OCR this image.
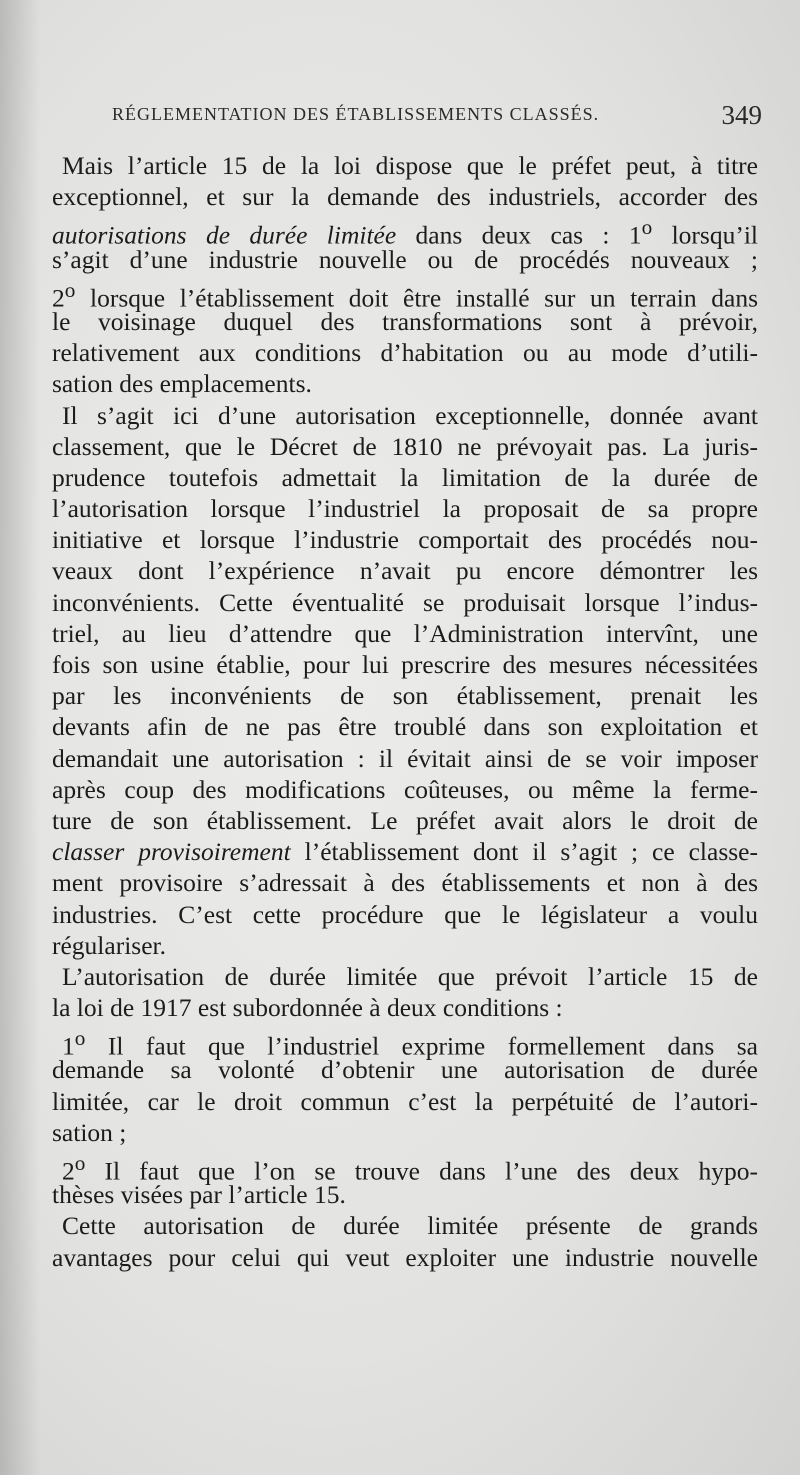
RÉGLEMENTATION DES ÉTABLISSEMENTS CLASSÉS.	349
Mais l’article 15 de la loi dispose que le préfet peut, à titre
exceptionnel, et sur la demande des industriels, accorder des
autorisations de durée limitée dans deux cas : 1$^o$ lorsqu’il
s’agit d’une industrie nouvelle ou de procédés nouveaux ;
2$^o$ lorsque l’établissement doit être installé sur un terrain dans
le voisinage duquel des transformations sont à prévoir,
relativement aux conditions d’habitation ou au mode d’utili-
sation des emplacements.
Il s’agit ici d’une autorisation exceptionnelle, donnée avant
classement, que le Décret de 1810 ne prévoyait pas. La juris-
prudence toutefois admettait la limitation de la durée de
l’autorisation lorsque l’industriel la proposait de sa propre
initiative et lorsque l’industrie comportait des procédés nou-
veaux dont l’expérience n’avait pu encore démontrer les
inconvénients. Cette éventualité se produisait lorsque l’indus-
triel, au lieu d’attendre que l’Administration intervînt, une
fois son usine établie, pour lui prescrire des mesures nécessitées
par les inconvénients de son établissement, prenait les
devants afin de ne pas être troublé dans son exploitation et
demandait une autorisation : il évitait ainsi de se voir imposer
après coup des modifications coûteuses, ou même la ferme-
ture de son établissement. Le préfet avait alors le droit de
classer provisoirement l’établissement dont il s’agit ; ce classe-
ment provisoire s’adressait à des établissements et non à des
industries. C’est cette procédure que le législateur a voulu
régulariser.
L’autorisation de durée limitée que prévoit l’article 15 de
la loi de 1917 est subordonnée à deux conditions :
1$^o$ Il faut que l’industriel exprime formellement dans sa
demande sa volonté d’obtenir une autorisation de durée
limitée, car le droit commun c’est la perpétuité de l’autori-
sation ;
2$^o$ Il faut que l’on se trouve dans l’une des deux hypo-
thèses visées par l’article 15.
Cette autorisation de durée limitée présente de grands
avantages pour celui qui veut exploiter une industrie nouvelle
